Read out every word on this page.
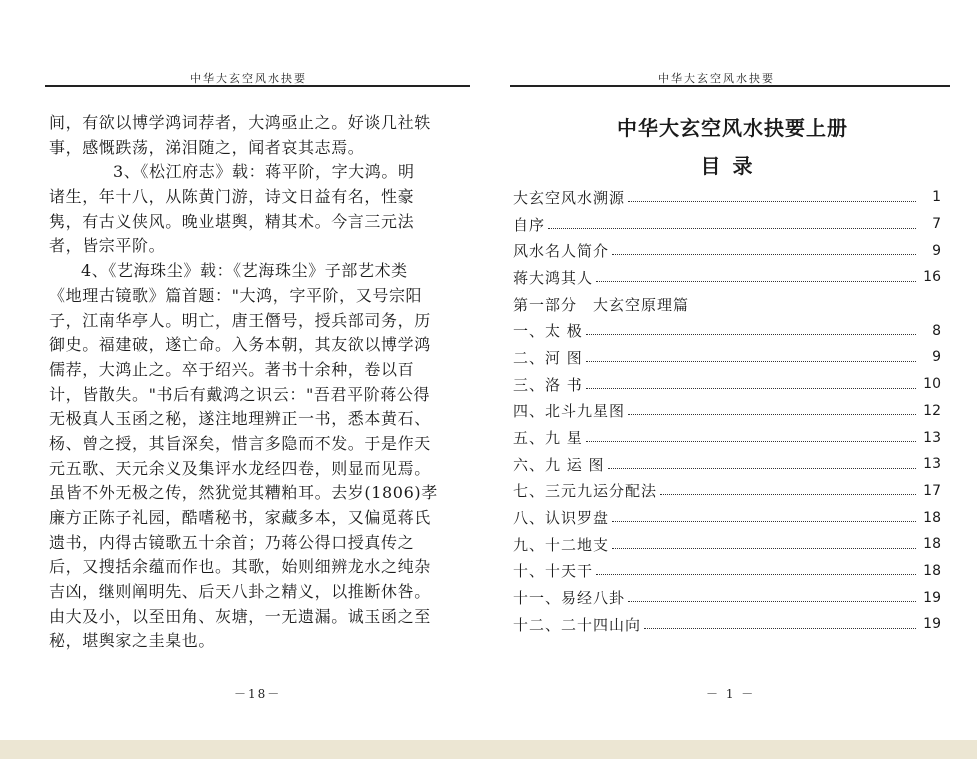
中华大玄空风水抉要
间，有欲以博学鸿词荐者，大鸿亟止之。好谈几社轶
事，感慨跌荡，涕泪随之，闻者哀其志焉。
3、《松江府志》载：蒋平阶，字大鸿。明
诸生，年十八，从陈黄门游，诗文日益有名，性豪
隽，有古义侠风。晚业堪舆，精其术。今言三元法
者，皆宗平阶。
4、《艺海珠尘》载：《艺海珠尘》子部艺术类
《地理古镜歌》篇首题："大鸿，字平阶，又号宗阳
子，江南华亭人。明亡，唐王僭号，授兵部司务，历
御史。福建破，遂亡命。入务本朝，其友欲以博学鸿
儒荐，大鸿止之。卒于绍兴。著书十余种，卷以百
计，皆散失。"书后有戴鸿之识云："吾君平阶蒋公得
无极真人玉函之秘，遂注地理辨正一书，悉本黄石、
杨、曾之授，其旨深矣，惜言多隐而不发。于是作天
元五歌、天元余义及集评水龙经四卷，则显而见焉。
虽皆不外无极之传，然犹觉其糟粕耳。去岁(1806)孝
廉方正陈子礼园，酷嗜秘书，家藏多本，又偏觅蒋氏
遗书，内得古镜歌五十余首；乃蒋公得口授真传之
后，又搜括余蕴而作也。其歌，始则细辨龙水之纯杂
吉凶，继则阐明先、后天八卦之精义，以推断休咎。
由大及小，以至田角、灰塘，一无遗漏。诚玉函之至
秘，堪舆家之圭臬也。
－18－
中华大玄空风水抉要
中华大玄空风水抉要上册
目录
大玄空风水溯源	1
自序	7
风水名人简介	9
蒋大鸿其人	16
第一部分　大玄空原理篇
一、太 极	8
二、河 图	9
三、洛 书	10
四、北斗九星图	12
五、九 星	13
六、九 运 图	13
七、三元九运分配法	17
八、认识罗盘	18
九、十二地支	18
十、十天干	18
十一、易经八卦	19
十二、二十四山向	19
－ 1 －
